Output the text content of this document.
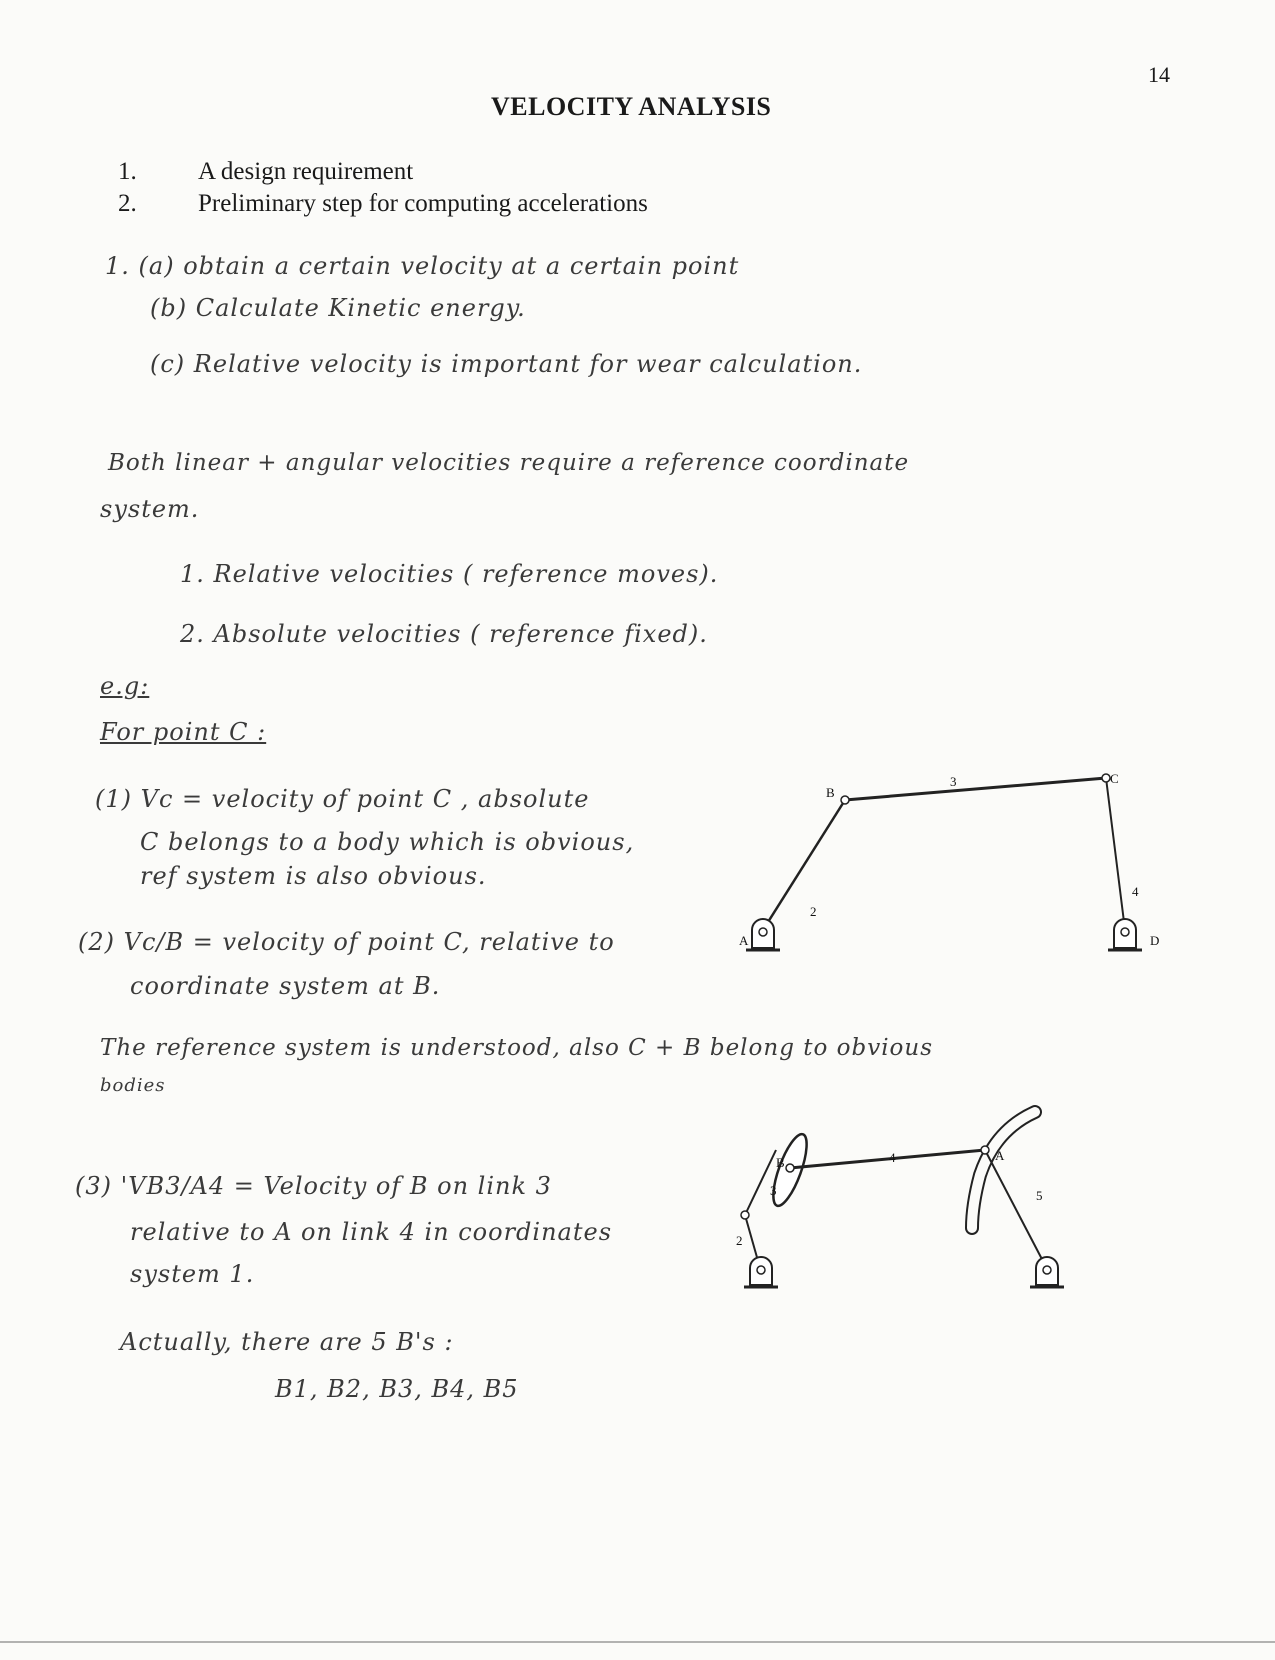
14
VELOCITY ANALYSIS
1. A design requirement
2. Preliminary step for computing accelerations
1. (a) obtain a certain velocity at a certain point
(b) Calculate Kinetic energy.
(c) Relative velocity is important for wear calculation.
Both linear + angular velocities require a reference coordinate
system.
1. Relative velocities ( reference moves).
2. Absolute velocities ( reference fixed).
e.g:
For point C :
(1) Vc = velocity of point C , absolute
C belongs to a body which is obvious,
ref system is also obvious.
(2) Vc/B = velocity of point C, relative to
coordinate system at B.
The reference system is understood, also C + B belong to obvious
bodies
(3) 'VB3/A4 = Velocity of B on link 3
relative to A on link 4 in coordinates
system 1.
Actually, there are 5 B's :
B1, B2, B3, B4, B5
B
3	C
4
2
A	D
B	4	A
3	5
2
